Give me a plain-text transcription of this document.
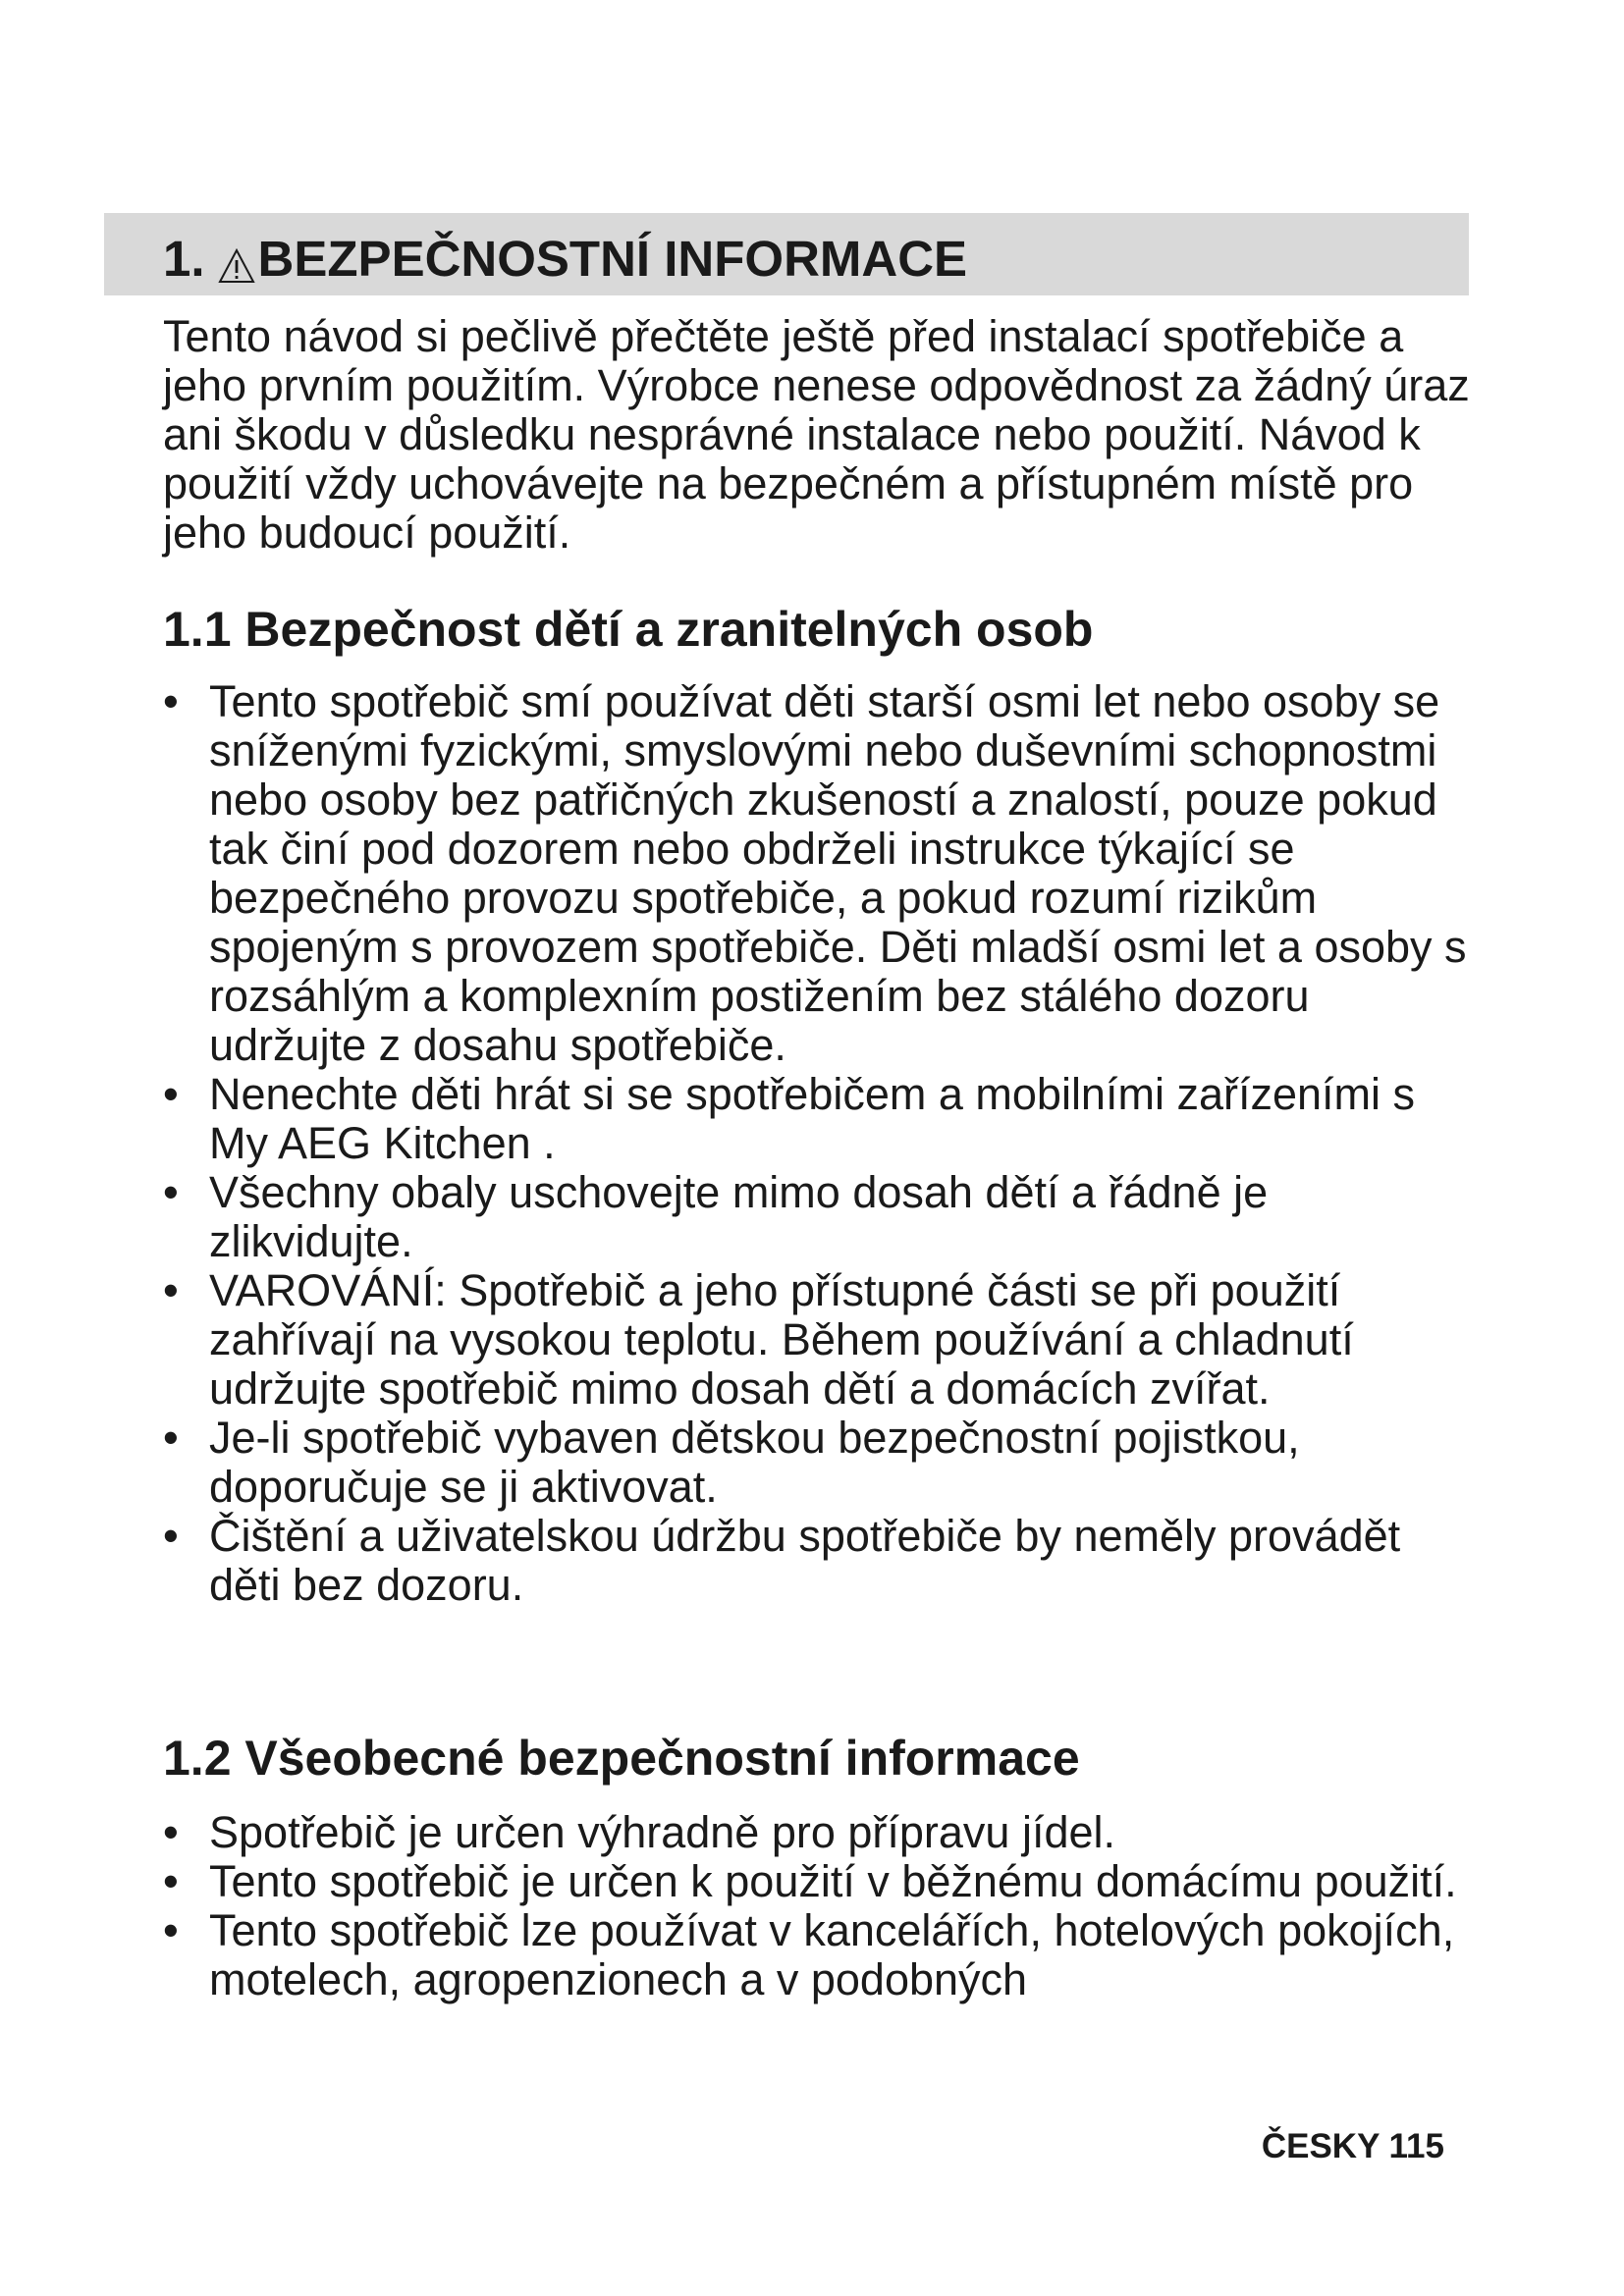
1. BEZPEČNOSTNÍ INFORMACE

Tento návod si pečlivě přečtěte ještě před instalací spotřebiče a jeho prvním použitím. Výrobce nenese odpovědnost za žádný úraz ani škodu v důsledku nesprávné instalace nebo použití. Návod k použití vždy uchovávejte na bezpečném a přístupném místě pro jeho budoucí použití.

1.1 Bezpečnost dětí a zranitelných osob
• Tento spotřebič smí používat děti starší osmi let nebo osoby se sníženými fyzickými, smyslovými nebo duševními schopnostmi nebo osoby bez patřičných zkušeností a znalostí, pouze pokud tak činí pod dozorem nebo obdrželi instrukce týkající se bezpečného provozu spotřebiče, a pokud rozumí rizikům spojeným s provozem spotřebiče. Děti mladší osmi let a osoby s rozsáhlým a komplexním postižením bez stálého dozoru udržujte z dosahu spotřebiče.
• Nenechte děti hrát si se spotřebičem a mobilními zařízeními s My AEG Kitchen .
• Všechny obaly uschovejte mimo dosah dětí a řádně je zlikvidujte.
• VAROVÁNÍ: Spotřebič a jeho přístupné části se při použití zahřívají na vysokou teplotu. Během používání a chladnutí udržujte spotřebič mimo dosah dětí a domácích zvířat.
• Je-li spotřebič vybaven dětskou bezpečnostní pojistkou, doporučuje se ji aktivovat.
• Čištění a uživatelskou údržbu spotřebiče by neměly provádět děti bez dozoru.
1.2 Všeobecné bezpečnostní informace
• Spotřebič je určen výhradně pro přípravu jídel.
• Tento spotřebič je určen k použití v běžnému domácímu použití.
• Tento spotřebič lze používat v kancelářích, hotelových pokojích, motelech, agropenzionech a v podobných
ČESKY 115
